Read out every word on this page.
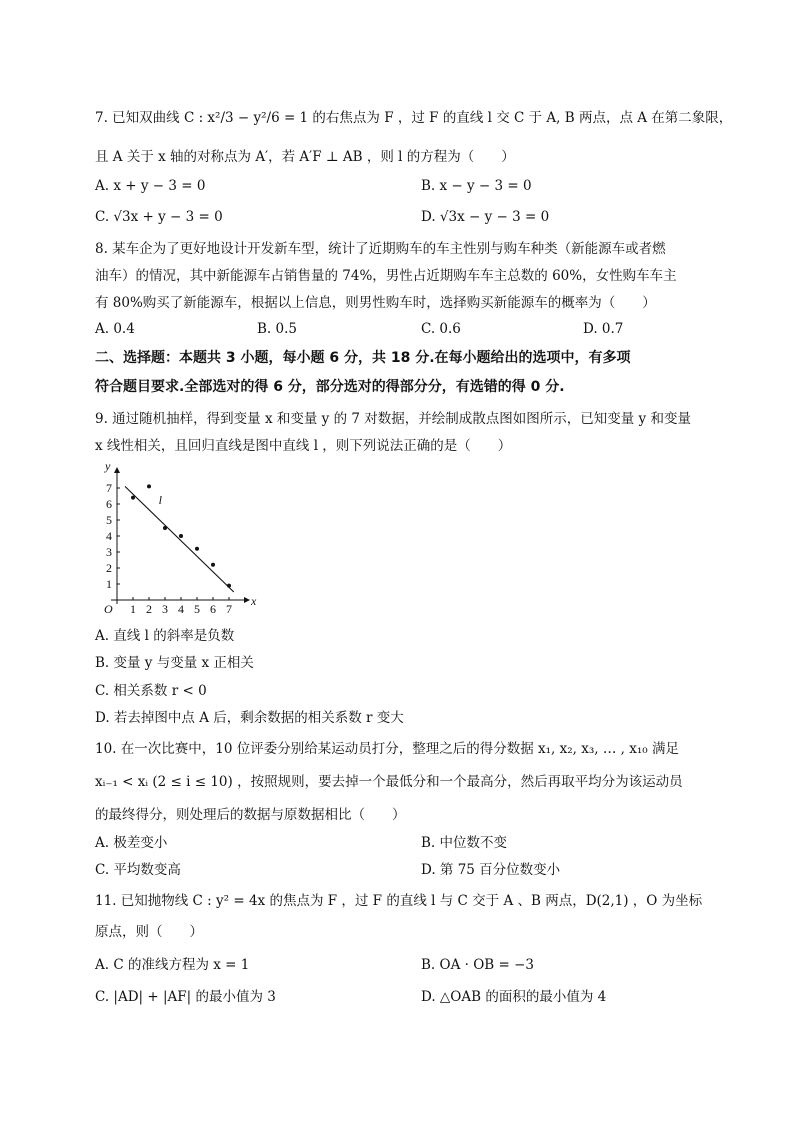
7. 已知双曲线 C : x²/3 − y²/6 = 1 的右焦点为 F ，过 F 的直线 l 交 C 于 A, B 两点，点 A 在第二象限，
且 A 关于 x 轴的对称点为 A′，若 A′F ⊥ AB ，则 l 的方程为（　　）
A. x + y − 3 = 0	B. x − y − 3 = 0
C. √3x + y − 3 = 0	D. √3x − y − 3 = 0
8. 某车企为了更好地设计开发新车型，统计了近期购车的车主性别与购车种类（新能源车或者燃
油车）的情况，其中新能源车占销售量的 74%，男性占近期购车车主总数的 60%，女性购车车主
有 80%购买了新能源车，根据以上信息，则男性购车时，选择购买新能源车的概率为（　　）
A. 0.4	B. 0.5	C. 0.6	D. 0.7
二、选择题：本题共 3 小题，每小题 6 分，共 18 分.在每小题给出的选项中，有多项
符合题目要求.全部选对的得 6 分，部分选对的得部分分，有选错的得 0 分.
9. 通过随机抽样，得到变量 x 和变量 y 的 7 对数据，并绘制成散点图如图所示，已知变量 y 和变量
x 线性相关，且回归直线是图中直线 l ，则下列说法正确的是（　　）
1 2 3 4 5 6 7
1
2
3
4
5
6
7
x
y
O
l
A. 直线 l 的斜率是负数
B. 变量 y 与变量 x 正相关
C. 相关系数 r < 0
D. 若去掉图中点 A 后，剩余数据的相关系数 r 变大
10. 在一次比赛中，10 位评委分别给某运动员打分，整理之后的得分数据 x₁, x₂, x₃, … , x₁₀ 满足
xᵢ₋₁ < xᵢ (2 ≤ i ≤ 10) ，按照规则，要去掉一个最低分和一个最高分，然后再取平均分为该运动员
的最终得分，则处理后的数据与原数据相比（　　）
A. 极差变小	B. 中位数不变
C. 平均数变高	D. 第 75 百分位数变小
11. 已知抛物线 C : y² = 4x 的焦点为 F ，过 F 的直线 l 与 C 交于 A 、B 两点，D(2,1) ，O 为坐标
原点，则（　　）
A. C 的准线方程为 x = 1	B. OA · OB = −3
C. |AD| + |AF| 的最小值为 3	D. △OAB 的面积的最小值为 4
